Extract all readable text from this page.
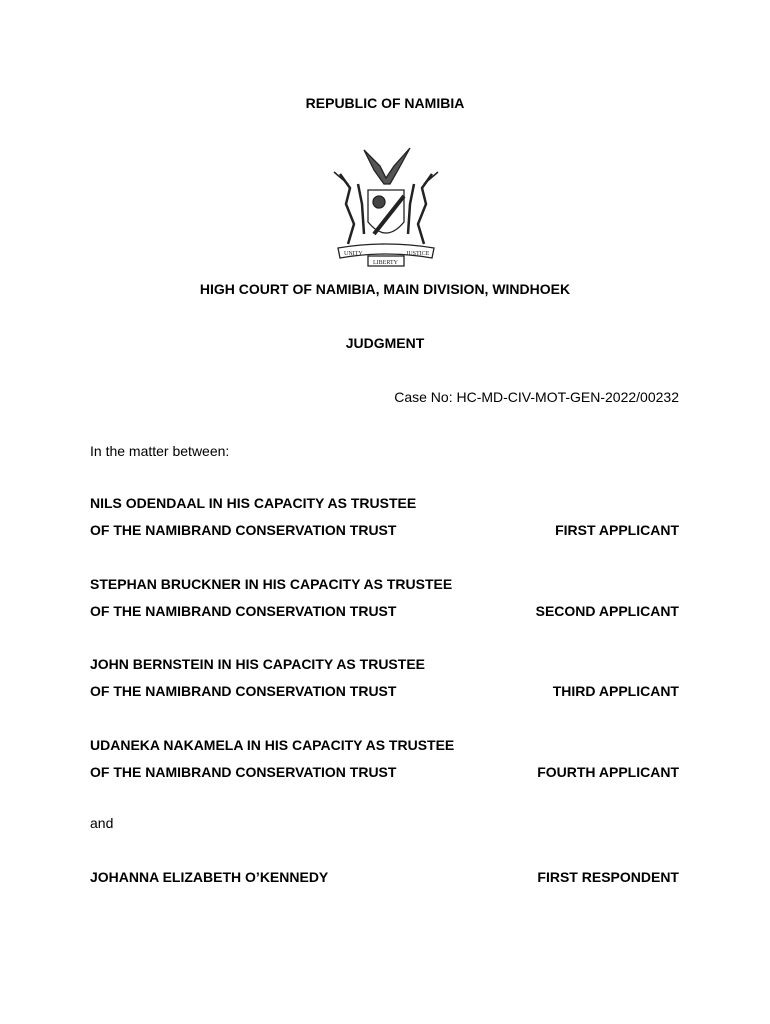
REPUBLIC OF NAMIBIA
UNITY
LIBERTY
JUSTICE
HIGH COURT OF NAMIBIA, MAIN DIVISION, WINDHOEK
JUDGMENT
Case No: HC-MD-CIV-MOT-GEN-2022/00232
In the matter between:
NILS ODENDAAL IN HIS CAPACITY AS TRUSTEE
OF THE NAMIBRAND CONSERVATION TRUST	FIRST APPLICANT
STEPHAN BRUCKNER IN HIS CAPACITY AS TRUSTEE
OF THE NAMIBRAND CONSERVATION TRUST	SECOND APPLICANT
JOHN BERNSTEIN IN HIS CAPACITY AS TRUSTEE
OF THE NAMIBRAND CONSERVATION TRUST	THIRD APPLICANT
UDANEKA NAKAMELA IN HIS CAPACITY AS TRUSTEE
OF THE NAMIBRAND CONSERVATION TRUST	FOURTH APPLICANT
and
JOHANNA ELIZABETH O’KENNEDY	FIRST RESPONDENT
